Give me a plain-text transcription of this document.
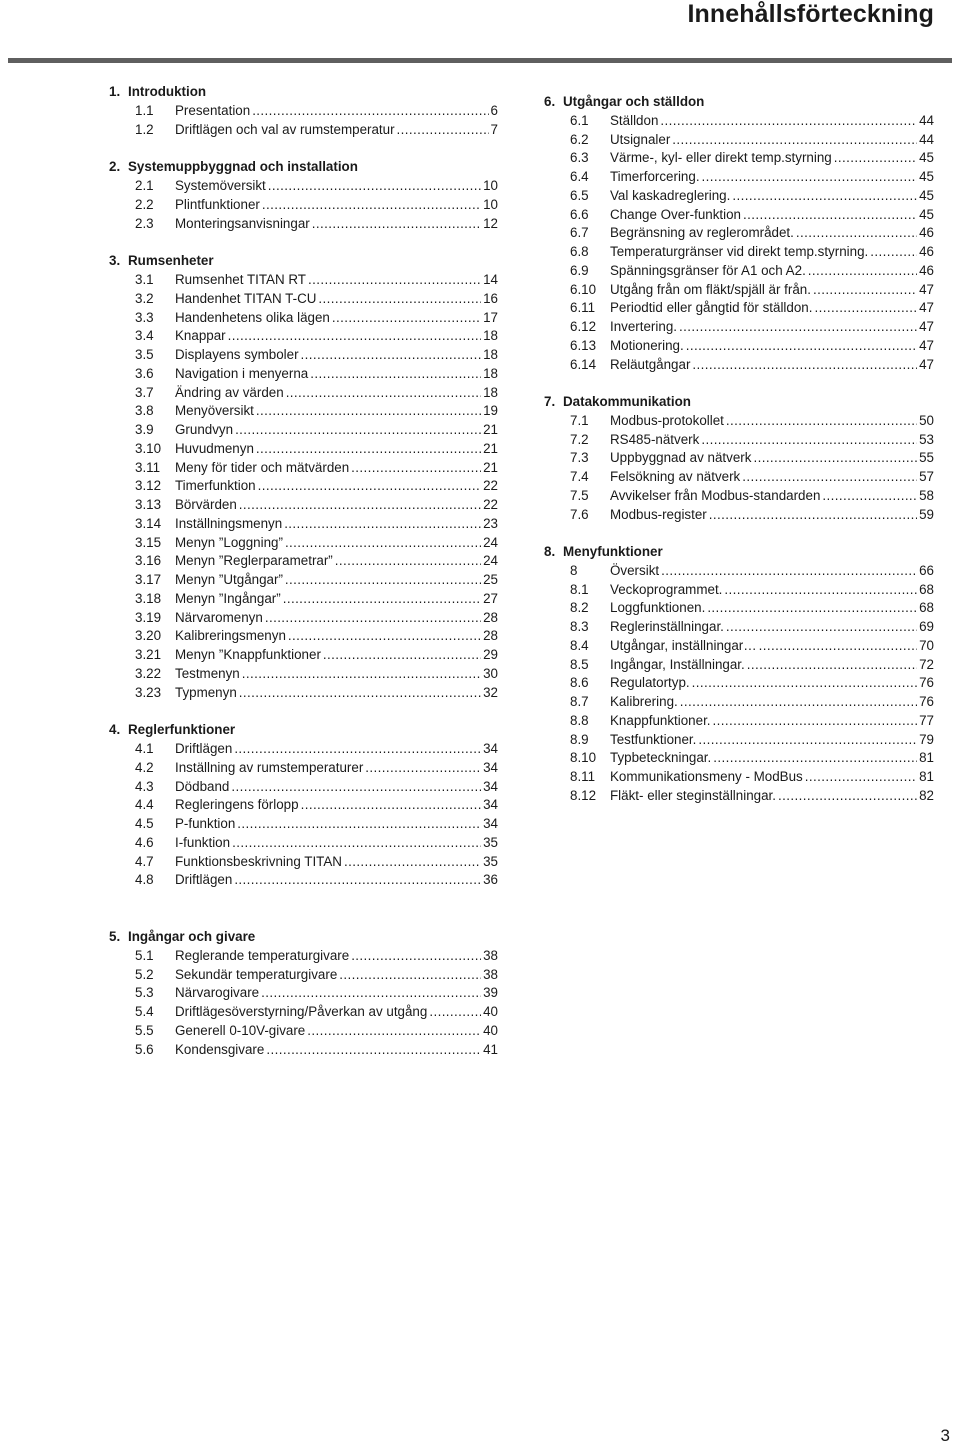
Innehållsförteckning
1. Introduktion
1.1	Presentation .....	6
1.2	Driftlägen och val av rumstemperatur .....	7
2. Systemuppbyggnad och installation
2.1	Systemöversikt .....	10
2.2	Plintfunktioner .....	10
2.3	Monteringsanvisningar .....	12
3. Rumsenheter
3.1	Rumsenhet TITAN RT .....	14
3.2	Handenhet TITAN T-CU .....	16
3.3	Handenhetens olika lägen .....	17
3.4	Knappar .....	18
3.5	Displayens symboler .....	18
3.6	Navigation i menyerna .....	18
3.7	Ändring av värden .....	18
3.8	Menyöversikt .....	19
3.9	Grundvyn .....	21
3.10	Huvudmenyn .....	21
3.11	Meny för tider och mätvärden .....	21
3.12	Timerfunktion .....	22
3.13	Börvärden .....	22
3.14	Inställningsmenyn .....	23
3.15	Menyn ”Loggning” .....	24
3.16	Menyn ”Reglerparametrar” .....	24
3.17	Menyn ”Utgångar” .....	25
3.18	Menyn ”Ingångar” .....	27
3.19	Närvaromenyn .....	28
3.20	Kalibreringsmenyn .....	28
3.21	Menyn ”Knappfunktioner .....	29
3.22	Testmenyn .....	30
3.23	Typmenyn .....	32
4. Reglerfunktioner
4.1	Driftlägen .....	34
4.2	Inställning av rumstemperaturer .....	34
4.3	Dödband .....	34
4.4	Regleringens förlopp .....	34
4.5	P-funktion .....	34
4.6	I-funktion .....	35
4.7	Funktionsbeskrivning TITAN .....	35
4.8	Driftlägen .....	36
5. Ingångar och givare
5.1	Reglerande temperaturgivare .....	38
5.2	Sekundär temperaturgivare .....	38
5.3	Närvarogivare .....	39
5.4	Driftlägesöverstyrning/Påverkan av utgång .....	40
5.5	Generell 0-10V-givare .....	40
5.6	Kondensgivare .....	41
6. Utgångar och ställdon
6.1	Ställdon .....	44
6.2	Utsignaler .....	44
6.3	Värme-, kyl- eller direkt temp.styrning .....	45
6.4	Timerforcering. .....	45
6.5	Val kaskadreglering. .....	45
6.6	Change Over-funktion .....	45
6.7	Begränsning av reglerområdet. .....	46
6.8	Temperaturgränser vid direkt temp.styrning. .....	46
6.9	Spänningsgränser för A1 och A2. .....	46
6.10	Utgång från om fläkt/spjäll är från. .....	47
6.11	Periodtid eller gångtid för ställdon. .....	47
6.12	Invertering. .....	47
6.13	Motionering. .....	47
6.14	Reläutgångar .....	47
7. Datakommunikation
7.1	Modbus-protokollet .....	50
7.2	RS485-nätverk .....	53
7.3	Uppbyggnad av nätverk .....	55
7.4	Felsökning av nätverk .....	57
7.5	Avvikelser från Modbus-standarden .....	58
7.6	Modbus-register .....	59
8. Menyfunktioner
8	Översikt .....	66
8.1	Veckoprogrammet. .....	68
8.2	Loggfunktionen. .....	68
8.3	Reglerinställningar. .....	69
8.4	Utgångar, inställningar… .....	70
8.5	Ingångar, Inställningar. .....	72
8.6	Regulatortyp. .....	76
8.7	Kalibrering. .....	76
8.8	Knappfunktioner. .....	77
8.9	Testfunktioner. .....	79
8.10	Typbeteckningar. .....	81
8.11	Kommunikationsmeny - ModBus .....	81
8.12	Fläkt- eller steginställningar. .....	82
3
